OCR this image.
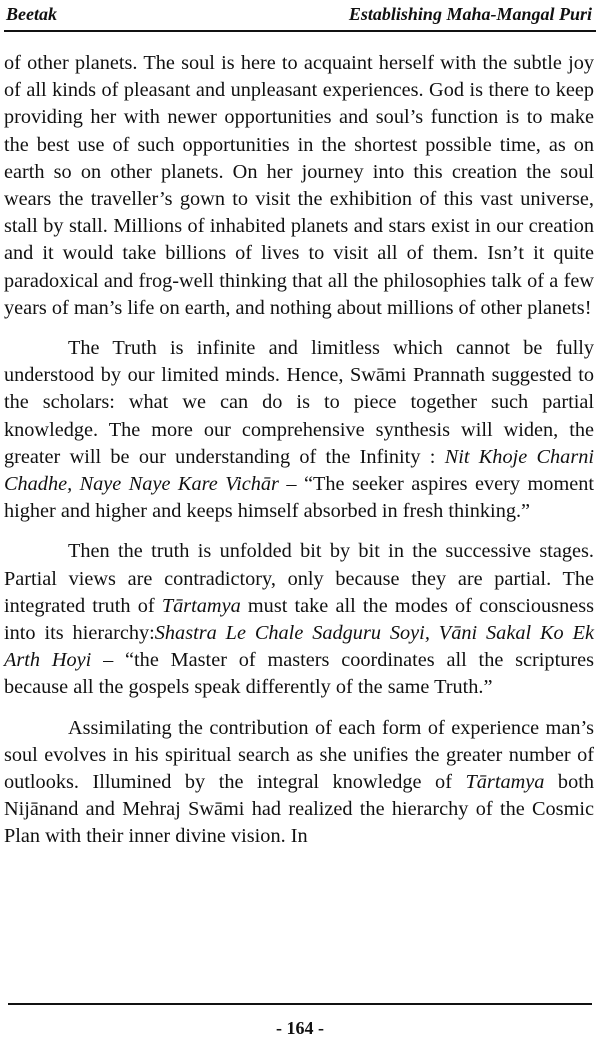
Beetak	Establishing Maha-Mangal Puri

of other planets. The soul is here to acquaint herself with the subtle joy of all kinds of pleasant and unpleasant experiences. God is there to keep providing her with newer opportunities and soul’s function is to make the best use of such opportunities in the shortest possible time, as on earth so on other planets. On her journey into this creation the soul wears the traveller’s gown to visit the exhibition of this vast universe, stall by stall. Millions of inhabited planets and stars exist in our creation and it would take billions of lives to visit all of them. Isn’t it quite paradoxical and frog-well thinking that all the philosophies talk of a few years of man’s life on earth, and nothing about millions of other planets!

The Truth is infinite and limitless which cannot be fully understood by our limited minds. Hence, Swāmi Prannath suggested to the scholars: what we can do is to piece together such partial knowledge. The more our comprehensive synthesis will widen, the greater will be our understanding of the Infinity : Nit Khoje Charni Chadhe, Naye Naye Kare Vichār – “The seeker aspires every moment higher and higher and keeps himself absorbed in fresh thinking.”

Then the truth is unfolded bit by bit in the successive stages. Partial views are contradictory, only because they are partial. The integrated truth of Tārtamya must take all the modes of consciousness into its hierarchy:Shastra Le Chale Sadguru Soyi, Vāni Sakal Ko Ek Arth Hoyi – “the Master of masters coordinates all the scriptures because all the gospels speak differently of the same Truth.”

Assimilating the contribution of each form of experience man’s soul evolves in his spiritual search as she unifies the greater number of outlooks. Illumined by the integral knowledge of Tārtamya both Nijānand and Mehraj Swāmi had realized the hierarchy of the Cosmic Plan with their inner divine vision. In

- 164 -
